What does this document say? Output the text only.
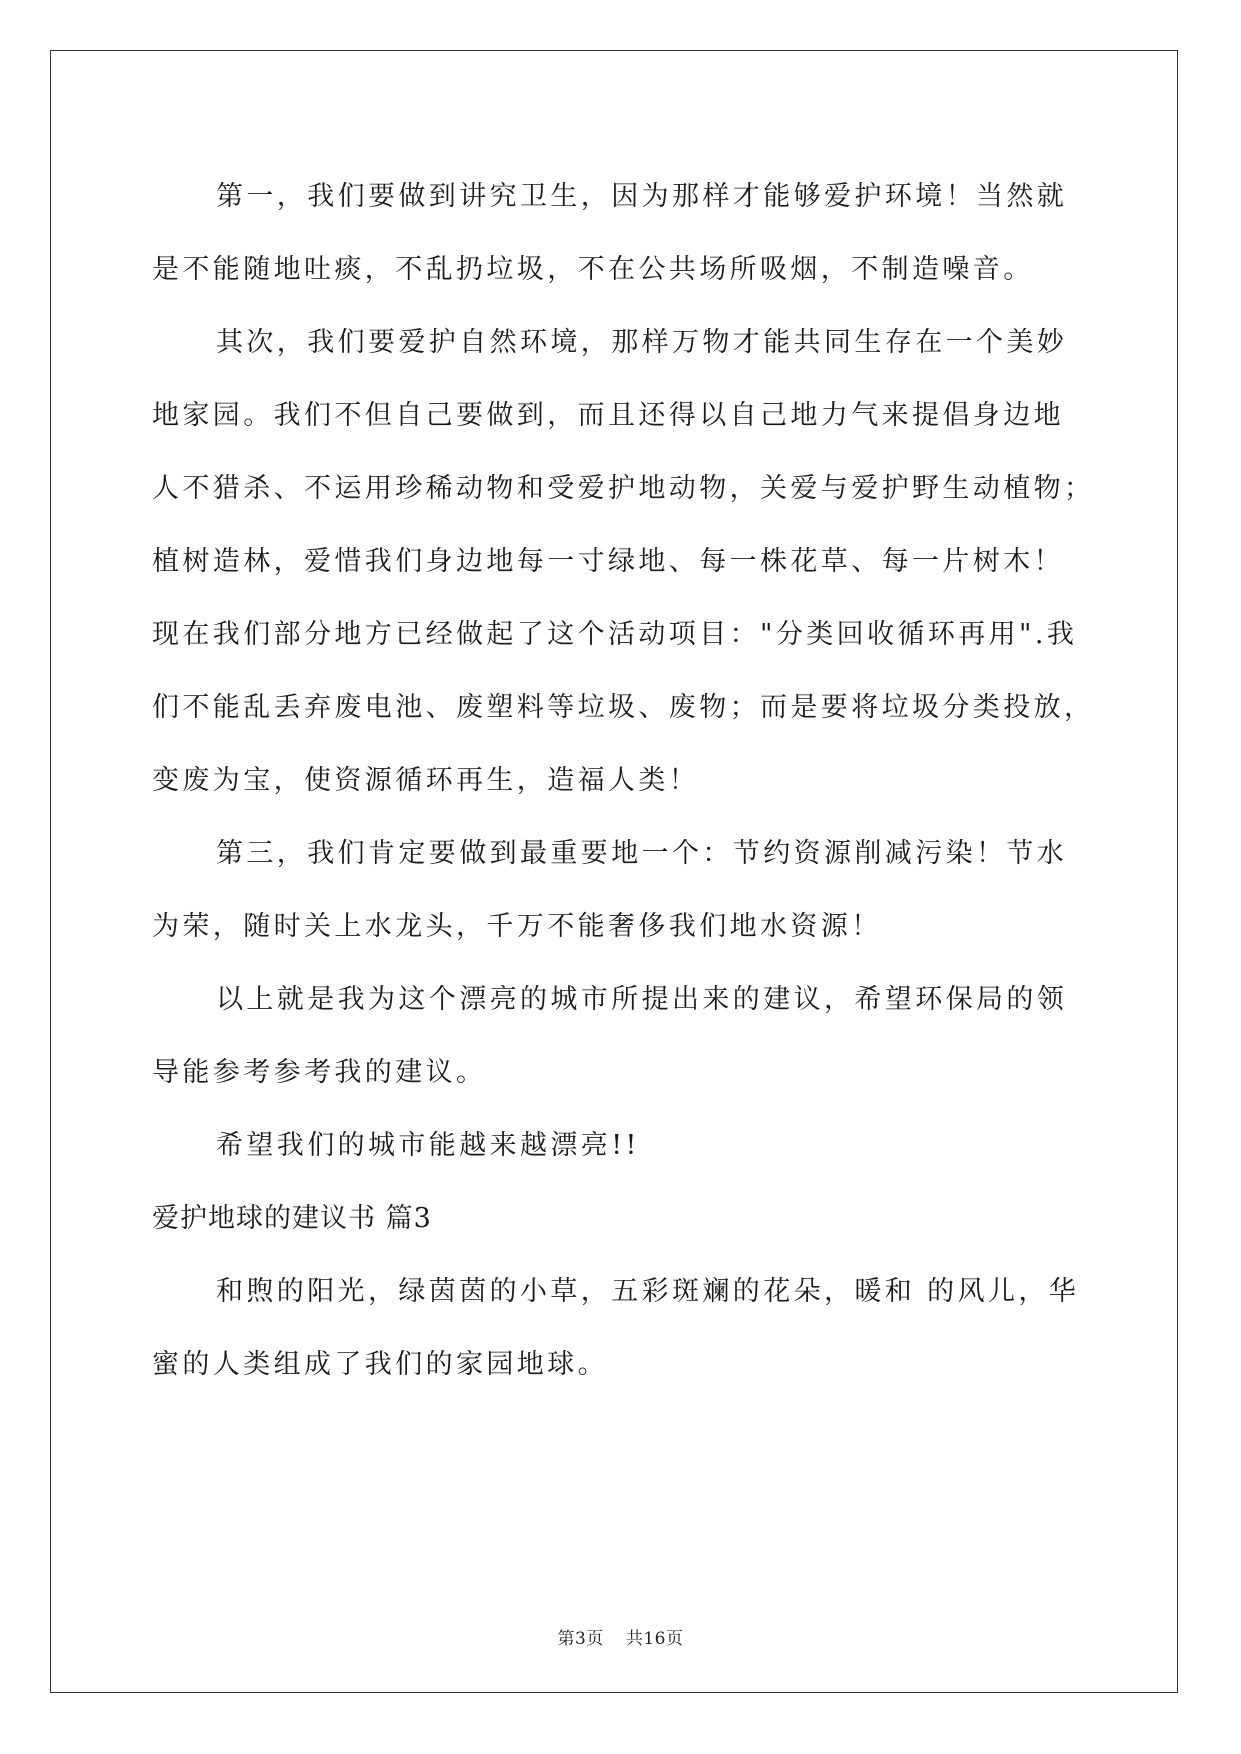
第一，我们要做到讲究卫生，因为那样才能够爱护环境！当然就

是不能随地吐痰，不乱扔垃圾，不在公共场所吸烟，不制造噪音。

其次，我们要爱护自然环境，那样万物才能共同生存在一个美妙

地家园。我们不但自己要做到，而且还得以自己地力气来提倡身边地

人不猎杀、不运用珍稀动物和受爱护地动物，关爱与爱护野生动植物；

植树造林，爱惜我们身边地每一寸绿地、每一株花草、每一片树木！

现在我们部分地方已经做起了这个活动项目："分类回收循环再用".我

们不能乱丢弃废电池、废塑料等垃圾、废物；而是要将垃圾分类投放，

变废为宝，使资源循环再生，造福人类！

第三，我们肯定要做到最重要地一个：节约资源削减污染！节水

为荣，随时关上水龙头，千万不能奢侈我们地水资源！

以上就是我为这个漂亮的城市所提出来的建议，希望环保局的领

导能参考参考我的建议。

希望我们的城市能越来越漂亮!!

爱护地球的建议书 篇3

和煦的阳光，绿茵茵的小草，五彩斑斓的花朵，暖和 的风儿，华

蜜的人类组成了我们的家园地球。

第3页 共16页
